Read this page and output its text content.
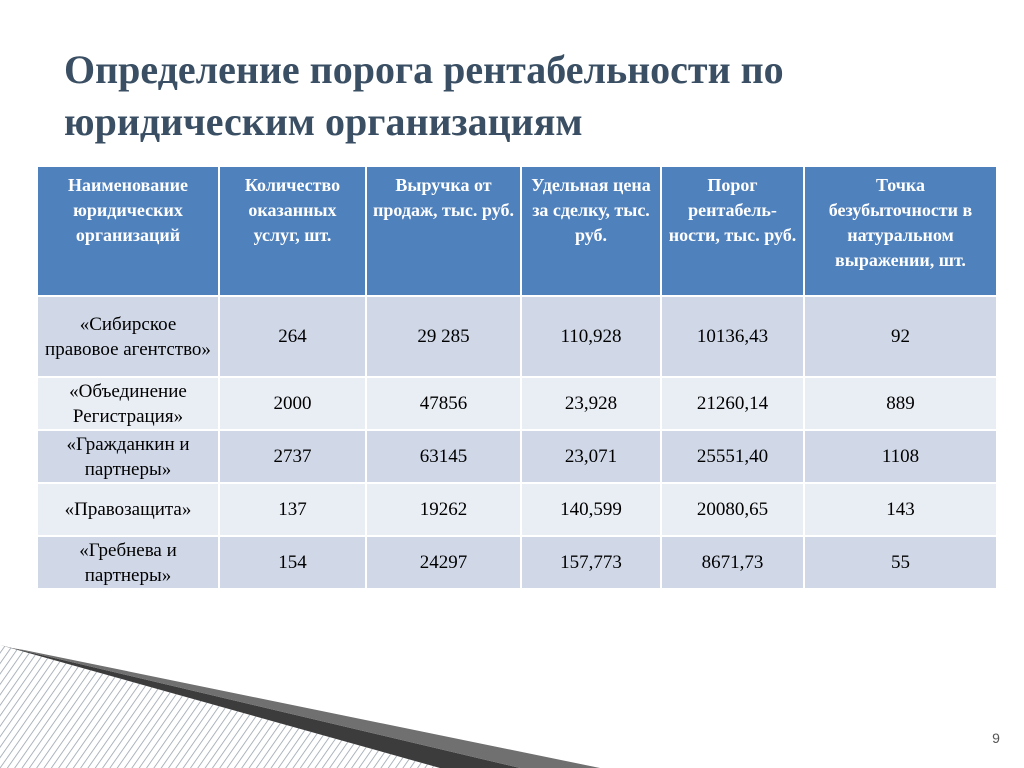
Определение порога рентабельности по юридическим организациям
Наименование юридических организаций	Количество оказанных услуг, шт.	Выручка от продаж, тыс. руб.	Удельная цена за сделку, тыс. руб.	Порог рентабель-ности, тыс. руб.	Точка безубыточности в натуральном выражении, шт.
«Сибирское правовое агентство»	264	29 285	110,928	10136,43	92
«Объединение Регистрация»	2000	47856	23,928	21260,14	889
«Гражданкин и партнеры»	2737	63145	23,071	25551,40	1108
«Правозащита»	137	19262	140,599	20080,65	143
«Гребнева и партнеры»	154	24297	157,773	8671,73	55
9
